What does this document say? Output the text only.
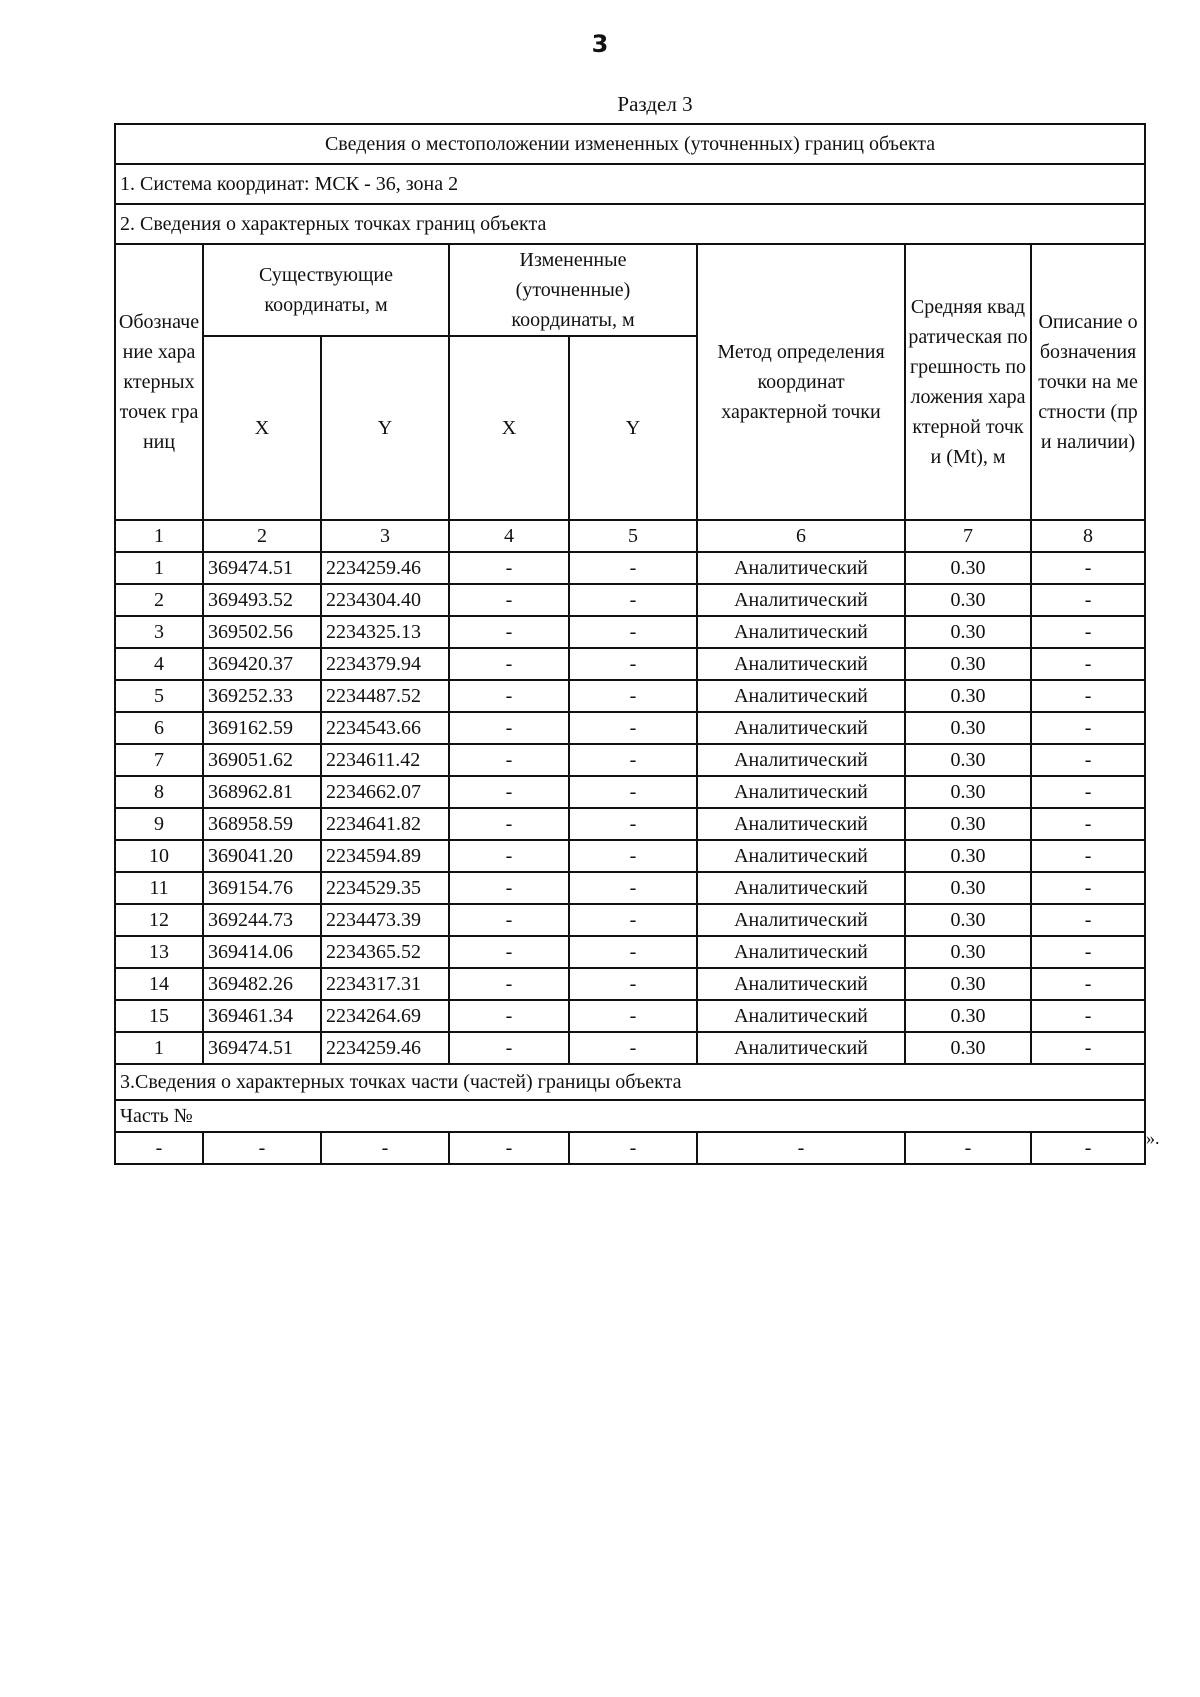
3
Раздел 3
Сведения о местоположении измененных (уточненных) границ объекта							
1. Система координат: МСК - 36, зона 2							
2. Сведения о характерных точках границ объекта							
Обозначение характерных точек границ	Существующие координаты, м		Измененные (уточненные) координаты, м		Метод определения координат характерной точки	Средняя квадратическая погрешность положения характерной точки (Mt), м	Описание обозначения точки на местности (при наличии)
	X	Y	X	Y			
1	2	3	4	5	6	7	8
1	369474.51	2234259.46	-	-	Аналитический	0.30	-
2	369493.52	2234304.40	-	-	Аналитический	0.30	-
3	369502.56	2234325.13	-	-	Аналитический	0.30	-
4	369420.37	2234379.94	-	-	Аналитический	0.30	-
5	369252.33	2234487.52	-	-	Аналитический	0.30	-
6	369162.59	2234543.66	-	-	Аналитический	0.30	-
7	369051.62	2234611.42	-	-	Аналитический	0.30	-
8	368962.81	2234662.07	-	-	Аналитический	0.30	-
9	368958.59	2234641.82	-	-	Аналитический	0.30	-
10	369041.20	2234594.89	-	-	Аналитический	0.30	-
11	369154.76	2234529.35	-	-	Аналитический	0.30	-
12	369244.73	2234473.39	-	-	Аналитический	0.30	-
13	369414.06	2234365.52	-	-	Аналитический	0.30	-
14	369482.26	2234317.31	-	-	Аналитический	0.30	-
15	369461.34	2234264.69	-	-	Аналитический	0.30	-
1	369474.51	2234259.46	-	-	Аналитический	0.30	-
3.Сведения о характерных точках части (частей) границы объекта							
Часть №							
-	-	-	-	-	-	-	-	».
